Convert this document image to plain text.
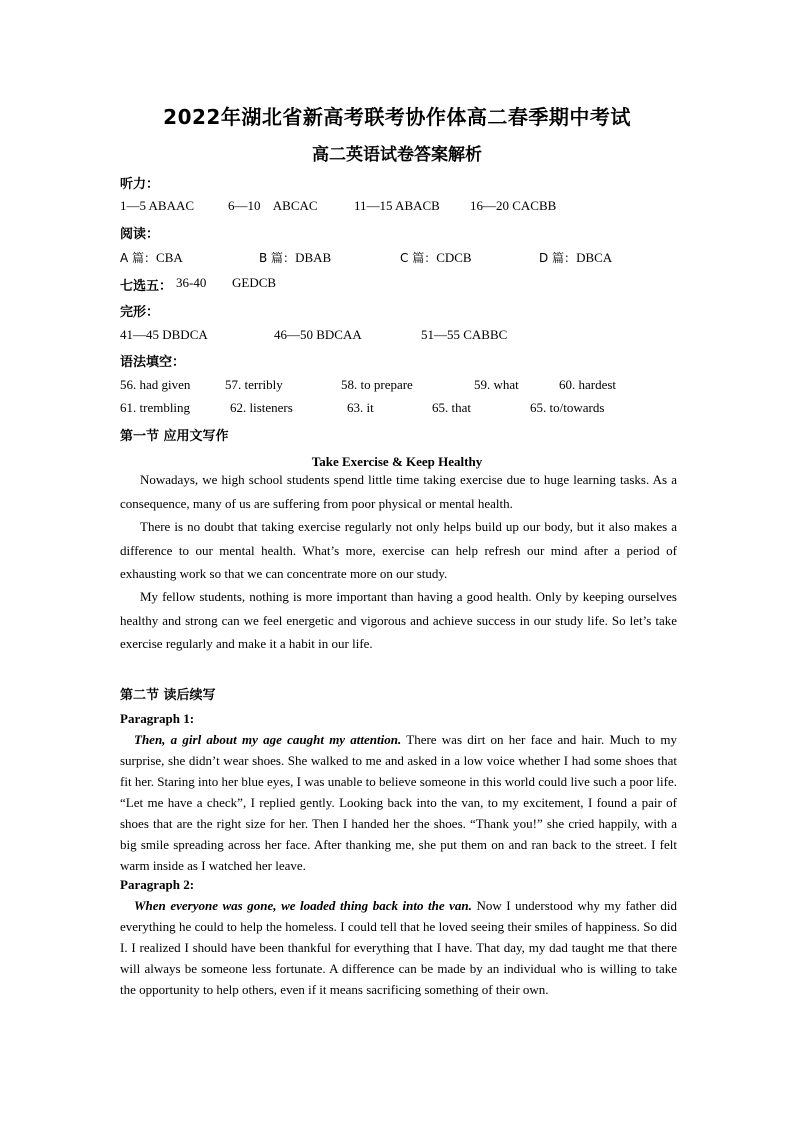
2022年湖北省新高考联考协作体高二春季期中考试
高二英语试卷答案解析
听力：
1—5 ABAAC	6—10    ABCAC	11—15 ABACB 16—20 CACBB
阅读：
A 篇：CBA	B 篇：DBAB	C 篇：CDCB	D 篇：DBCA
七选五： 36-40 GEDCB
完形：
41—45 DBDCA	46—50 BDCAA	51—55 CABBC
语法填空：
56. had given	57. terribly	58. to prepare	59. what	60. hardest
61. trembling	62. listeners	63. it	65. that	65. to/towards
第一节 应用文写作
Take Exercise & Keep Healthy

Nowadays, we high school students spend little time taking exercise due to huge learning tasks. As a consequence, many of us are suffering from poor physical or mental health.

There is no doubt that taking exercise regularly not only helps build up our body, but it also makes a difference to our mental health. What’s more, exercise can help refresh our mind after a period of exhausting work so that we can concentrate more on our study.

My fellow students, nothing is more important than having a good health. Only by keeping ourselves healthy and strong can we feel energetic and vigorous and achieve success in our study life. So let’s take exercise regularly and make it a habit in our life.

第二节 读后续写
Paragraph 1:

Then, a girl about my age caught my attention. There was dirt on her face and hair. Much to my surprise, she didn’t wear shoes. She walked to me and asked in a low voice whether I had some shoes that fit her. Staring into her blue eyes, I was unable to believe someone in this world could live such a poor life. “Let me have a check”, I replied gently. Looking back into the van, to my excitement, I found a pair of shoes that are the right size for her. Then I handed her the shoes. “Thank you!” she cried happily, with a big smile spreading across her face. After thanking me, she put them on and ran back to the street. I felt warm inside as I watched her leave.

Paragraph 2:

When everyone was gone, we loaded thing back into the van. Now I understood why my father did everything he could to help the homeless. I could tell that he loved seeing their smiles of happiness. So did I. I realized I should have been thankful for everything that I have. That day, my dad taught me that there will always be someone less fortunate. A difference can be made by an individual who is willing to take the opportunity to help others, even if it means sacrificing something of their own.
